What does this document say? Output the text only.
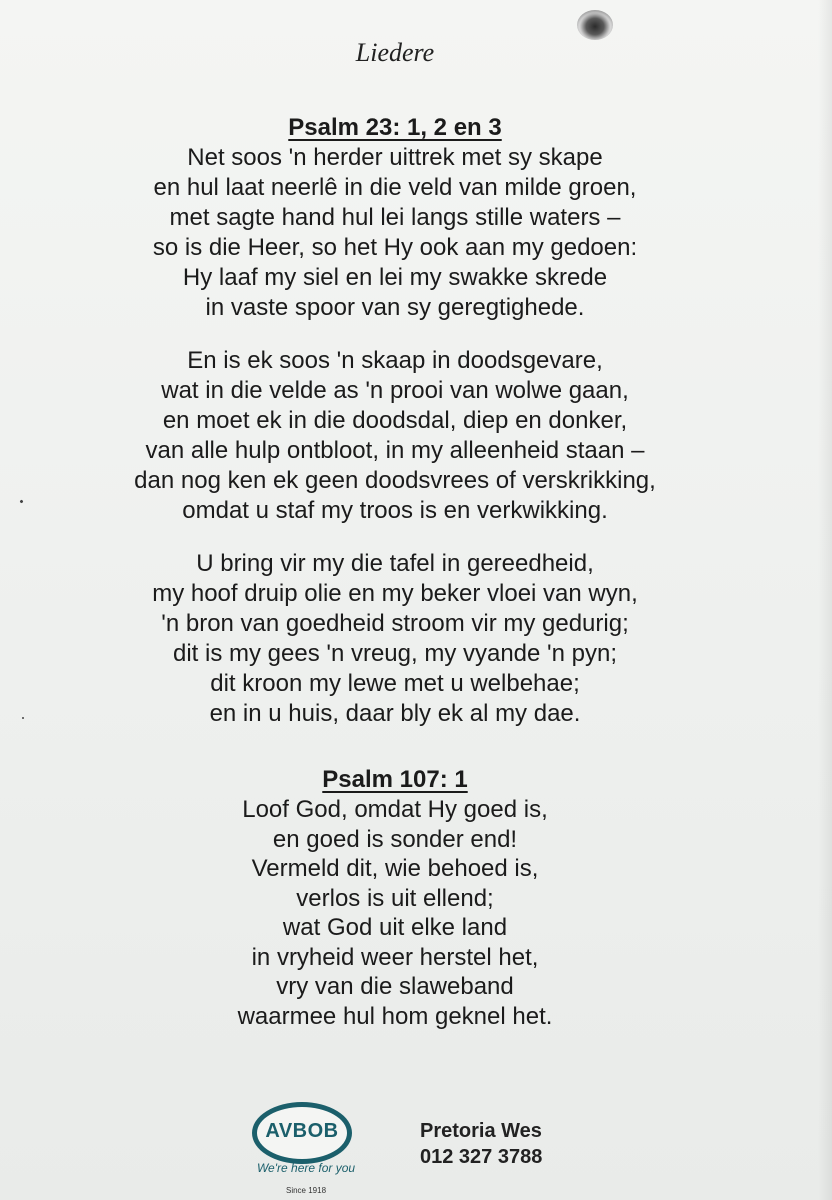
Liedere
Psalm 23: 1, 2 en 3
Net soos 'n herder uittrek met sy skape
en hul laat neerlê in die veld van milde groen,
met sagte hand hul lei langs stille waters –
so is die Heer, so het Hy ook aan my gedoen:
Hy laaf my siel en lei my swakke skrede
in vaste spoor van sy geregtighede.
En is ek soos 'n skaap in doodsgevare,
wat in die velde as 'n prooi van wolwe gaan,
en moet ek in die doodsdal, diep en donker,
van alle hulp ontbloot, in my alleenheid staan –
dan nog ken ek geen doodsvrees of verskrikking,
omdat u staf my troos is en verkwikking.
U bring vir my die tafel in gereedheid,
my hoof druip olie en my beker vloei van wyn,
'n bron van goedheid stroom vir my gedurig;
dit is my gees 'n vreug, my vyande 'n pyn;
dit kroon my lewe met u welbehae;
en in u huis, daar bly ek al my dae.
Psalm 107: 1
Loof God, omdat Hy goed is,
en goed is sonder end!
Vermeld dit, wie behoed is,
verlos is uit ellend;
wat God uit elke land
in vryheid weer herstel het,
vry van die slaweband
waarmee hul hom geknel het.
AVBOB
We're here for you
Since 1918
Pretoria Wes
012 327 3788
